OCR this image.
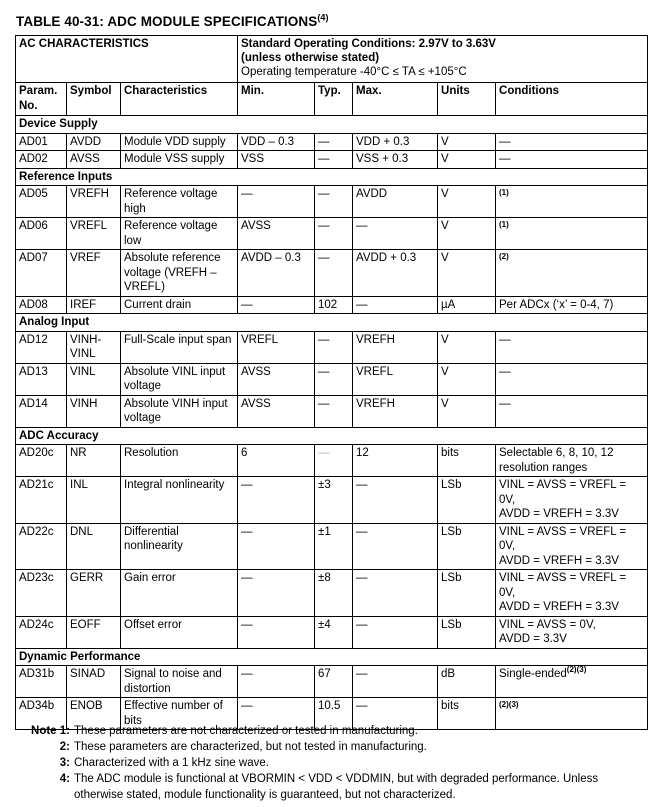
TABLE 40-31: ADC MODULE SPECIFICATIONS$^{(4)}$
AC CHARACTERISTICS			Standard Operating Conditions: 2.97V to 3.63V
(unless otherwise stated)
Operating temperature -40°C ≤ TA ≤ +105°C				

Param. No.	Symbol	Characteristics	Min.	Typ.	Max.	Units	Conditions
Device Supply							
AD01	AVDD	Module VDD supply	VDD – 0.3	—	VDD + 0.3	V	—
AD02	AVSS	Module VSS supply	VSS	—	VSS + 0.3	V	—
Reference Inputs							
AD05	VREFH	Reference voltage high	—	—	AVDD	V	$^{(1)}$
AD06	VREFL	Reference voltage low	AVSS	—	—	V	$^{(1)}$
AD07	VREF	Absolute reference voltage (VREFH – VREFL)	AVDD – 0.3	—	AVDD + 0.3	V	$^{(2)}$
AD08	IREF	Current drain	—	102	—	µA	Per ADCx (‘x’ = 0-4, 7)
Analog Input							
AD12	VINH-VINL	Full-Scale input span	VREFL	—	VREFH	V	—
AD13	VINL	Absolute VINL input voltage	AVSS	—	VREFL	V	—
AD14	VINH	Absolute VINH input voltage	AVSS	—	VREFH	V	—
ADC Accuracy							
AD20c	NR	Resolution	6	—	12	bits	Selectable 6, 8, 10, 12 resolution ranges
AD21c	INL	Integral nonlinearity	—	±3	—	LSb	VINL = AVSS = VREFL = 0V,
AVDD = VREFH = 3.3V

AD22c	DNL	Differential nonlinearity	—	±1	—	LSb	VINL = AVSS = VREFL = 0V,
AVDD = VREFH = 3.3V

AD23c	GERR	Gain error	—	±8	—	LSb	VINL = AVSS = VREFL = 0V,
AVDD = VREFH = 3.3V

AD24c	EOFF	Offset error	—	±4	—	LSb	VINL = AVSS = 0V,
AVDD = 3.3V

Dynamic Performance							
AD31b	SINAD	Signal to noise and distortion	—	67	—	dB	Single-ended$^{(2)(3)}$
AD34b	ENOB	Effective number of bits	—	10.5	—	bits	$^{(2)(3)}$
Note 1: These parameters are not characterized or tested in manufacturing.
2: These parameters are characterized, but not tested in manufacturing.
3: Characterized with a 1 kHz sine wave.
4: The ADC module is functional at VBORMIN < VDD < VDDMIN, but with degraded performance. Unless
otherwise stated, module functionality is guaranteed, but not characterized.
